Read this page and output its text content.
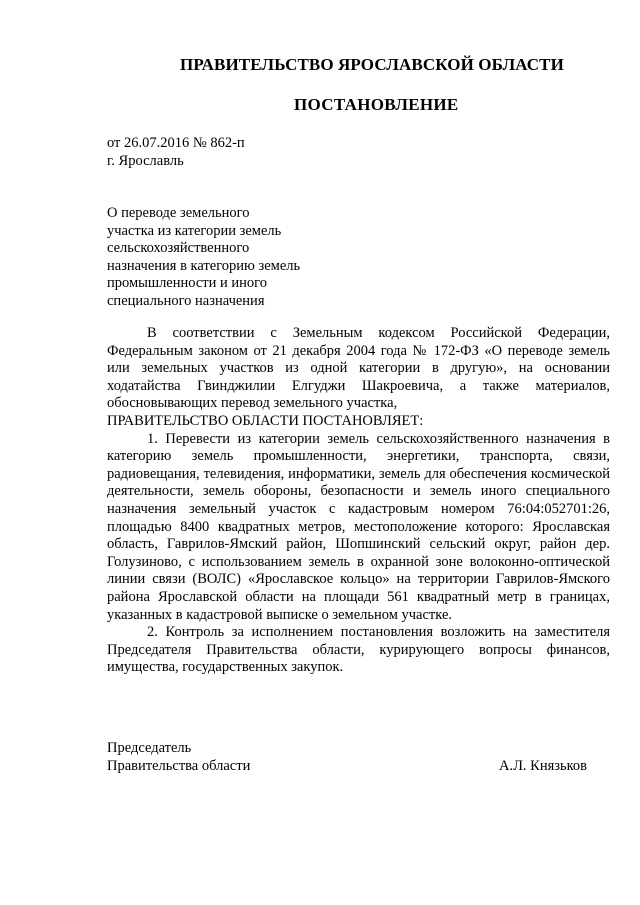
ПРАВИТЕЛЬСТВО ЯРОСЛАВСКОЙ ОБЛАСТИ
ПОСТАНОВЛЕНИЕ
от 26.07.2016 № 862-п
г. Ярославль
О переводе земельного
участка из категории земель
сельскохозяйственного
назначения в категорию земель
промышленности и иного
специального назначения

В соответствии с Земельным кодексом Российской Федерации, Федеральным законом от 21 декабря 2004 года № 172-ФЗ «О переводе земель или земельных участков из одной категории в другую», на основании ходатайства Гвинджилии Елгуджи Шакроевича, а также материалов, обосновывающих перевод земельного участка,

ПРАВИТЕЛЬСТВО ОБЛАСТИ ПОСТАНОВЛЯЕТ:

1. Перевести из категории земель сельскохозяйственного назначения в категорию земель промышленности, энергетики, транспорта, связи, радиовещания, телевидения, информатики, земель для обеспечения космической деятельности, земель обороны, безопасности и земель иного специального назначения земельный участок с кадастровым номером 76:04:052701:26, площадью 8400 квадратных метров, местоположение которого: Ярославская область, Гаврилов-Ямский район, Шопшинский сельский округ, район дер. Голузиново, с использованием земель в охранной зоне волоконно-оптической линии связи (ВОЛС) «Ярославское кольцо» на территории Гаврилов-Ямского района Ярославской области на площади 561 квадратный метр в границах, указанных в кадастровой выписке о земельном участке.

2. Контроль за исполнением постановления возложить на заместителя Председателя Правительства области, курирующего вопросы финансов, имущества, государственных закупок.

Председатель
Правительства области	А.Л. Князьков
